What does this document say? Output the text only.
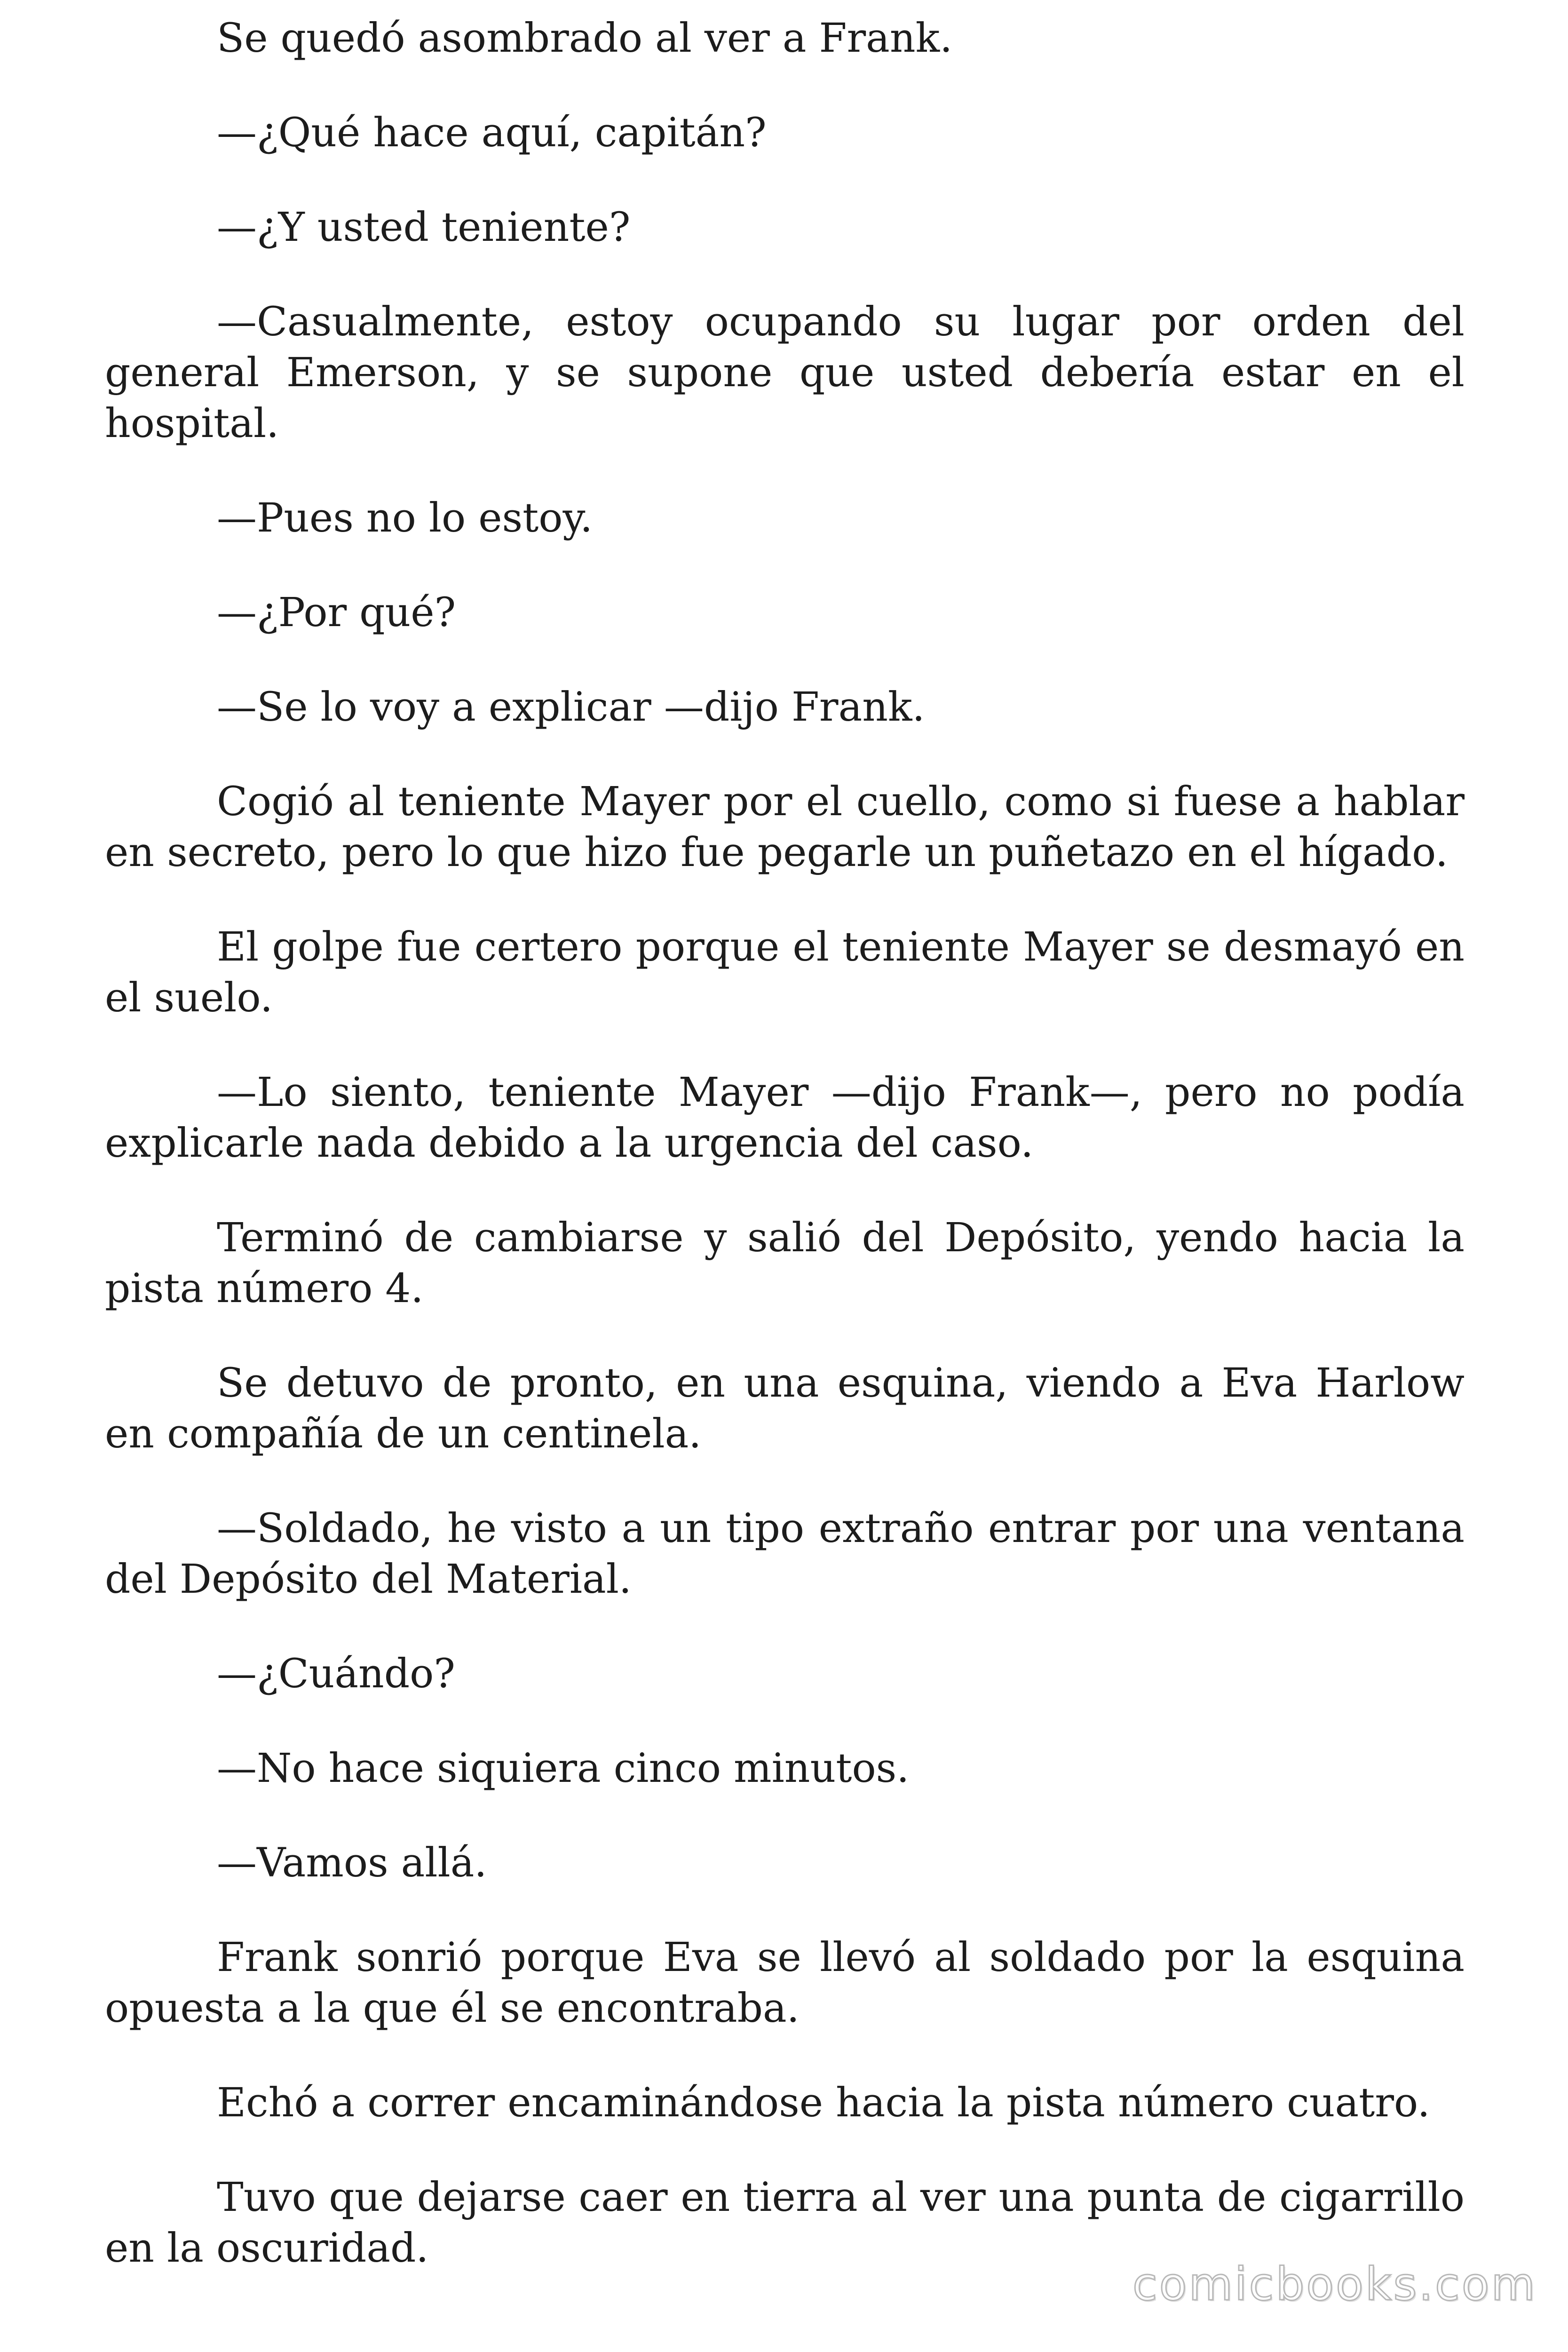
Se quedó asombrado al ver a Frank.

—¿Qué hace aquí, capitán?

—¿Y usted teniente?

—Casualmente, estoy ocupando su lugar por orden del general Emerson, y se supone que usted debería estar en el hospital.

—Pues no lo estoy.

—¿Por qué?

—Se lo voy a explicar —dijo Frank.

Cogió al teniente Mayer por el cuello, como si fuese a hablar en secreto, pero lo que hizo fue pegarle un puñetazo en el hígado.

El golpe fue certero porque el teniente Mayer se desmayó en el suelo.

—Lo siento, teniente Mayer —dijo Frank—, pero no podía explicarle nada debido a la urgencia del caso.

Terminó de cambiarse y salió del Depósito, yendo hacia la pista número 4.

Se detuvo de pronto, en una esquina, viendo a Eva Harlow en compañía de un centinela.

—Soldado, he visto a un tipo extraño entrar por una ventana del Depósito del Material.

—¿Cuándo?

—No hace siquiera cinco minutos.

—Vamos allá.

Frank sonrió porque Eva se llevó al soldado por la esquina opuesta a la que él se encontraba.

Echó a correr encaminándose hacia la pista número cuatro.

Tuvo que dejarse caer en tierra al ver una punta de cigarrillo en la oscuridad.

comicbooks.com
